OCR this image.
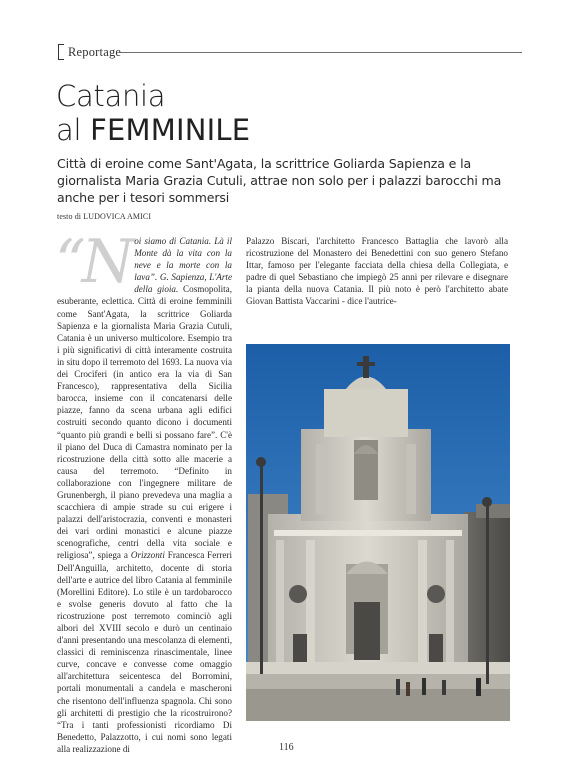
Reportage
Catania
al FEMMINILE
Città di eroine come Sant'Agata, la scrittrice Goliarda Sapienza e la giornalista Maria Grazia Cutuli, attrae non solo per i palazzi barocchi ma anche per i tesori sommersi
testo di LUDOVICA AMICI
“Noi siamo di Catania. Là il Monte dà la vita con la neve e la morte con la lava”. G. Sapienza, L'Arte della gioia. Cosmopolita, esuberante, eclettica. Città di eroine femminili come Sant'Agata, la scrittrice Goliarda Sapienza e la giornalista Maria Grazia Cutuli, Catania è un universo multicolore. Esempio tra i più significativi di città interamente costruita in situ dopo il terremoto del 1693. La nuova via dei Crociferi (in antico era la via di San Francesco), rappresentativa della Sicilia barocca, insieme con il concatenarsi delle piazze, fanno da scena urbana agli edifici costruiti secondo quanto dicono i documenti “quanto più grandi e belli si possano fare”. C'è il piano del Duca di Camastra nominato per la ricostruzione della città sotto alle macerie a causa del terremoto. “Definito in collaborazione con l'ingegnere militare de Grunenbergh, il piano prevedeva una maglia a scacchiera di ampie strade su cui erigere i palazzi dell'aristocrazia, conventi e monasteri dei vari ordini monastici e alcune piazze scenografiche, centri della vita sociale e religiosa”, spiega a Orizzonti Francesca Ferreri Dell'Anguilla, architetto, docente di storia dell'arte e autrice del libro Catania al femminile (Morellini Editore). Lo stile è un tardobarocco e svolse generis dovuto al fatto che la ricostruzione post terremoto cominciò agli albori del XVIII secolo e durò un centinaio d'anni presentando una mescolanza di elementi, classici di reminiscenza rinascimentale, linee curve, concave e convesse come omaggio all'architettura seicentesca del Borromini, portali monumentali a candela e mascheroni che risentono dell'influenza spagnola. Chi sono gli architetti di prestigio che la ricostruirono? “Tra i tanti professionisti ricordiamo Di Benedetto, Palazzotto, i cui nomi sono legati alla realizzazione di
Palazzo Biscari, l'architetto Francesco Battaglia che lavorò alla ricostruzione del Monastero dei Benedettini con suo genero Stefano Ittar, famoso per l'elegante facciata della chiesa della Collegiata, e padre di quel Sebastiano che impiegò 25 anni per rilevare e disegnare la pianta della nuova Catania. Il più noto è però l'architetto abate Giovan Battista Vaccarini - dice l'autrice-
116
